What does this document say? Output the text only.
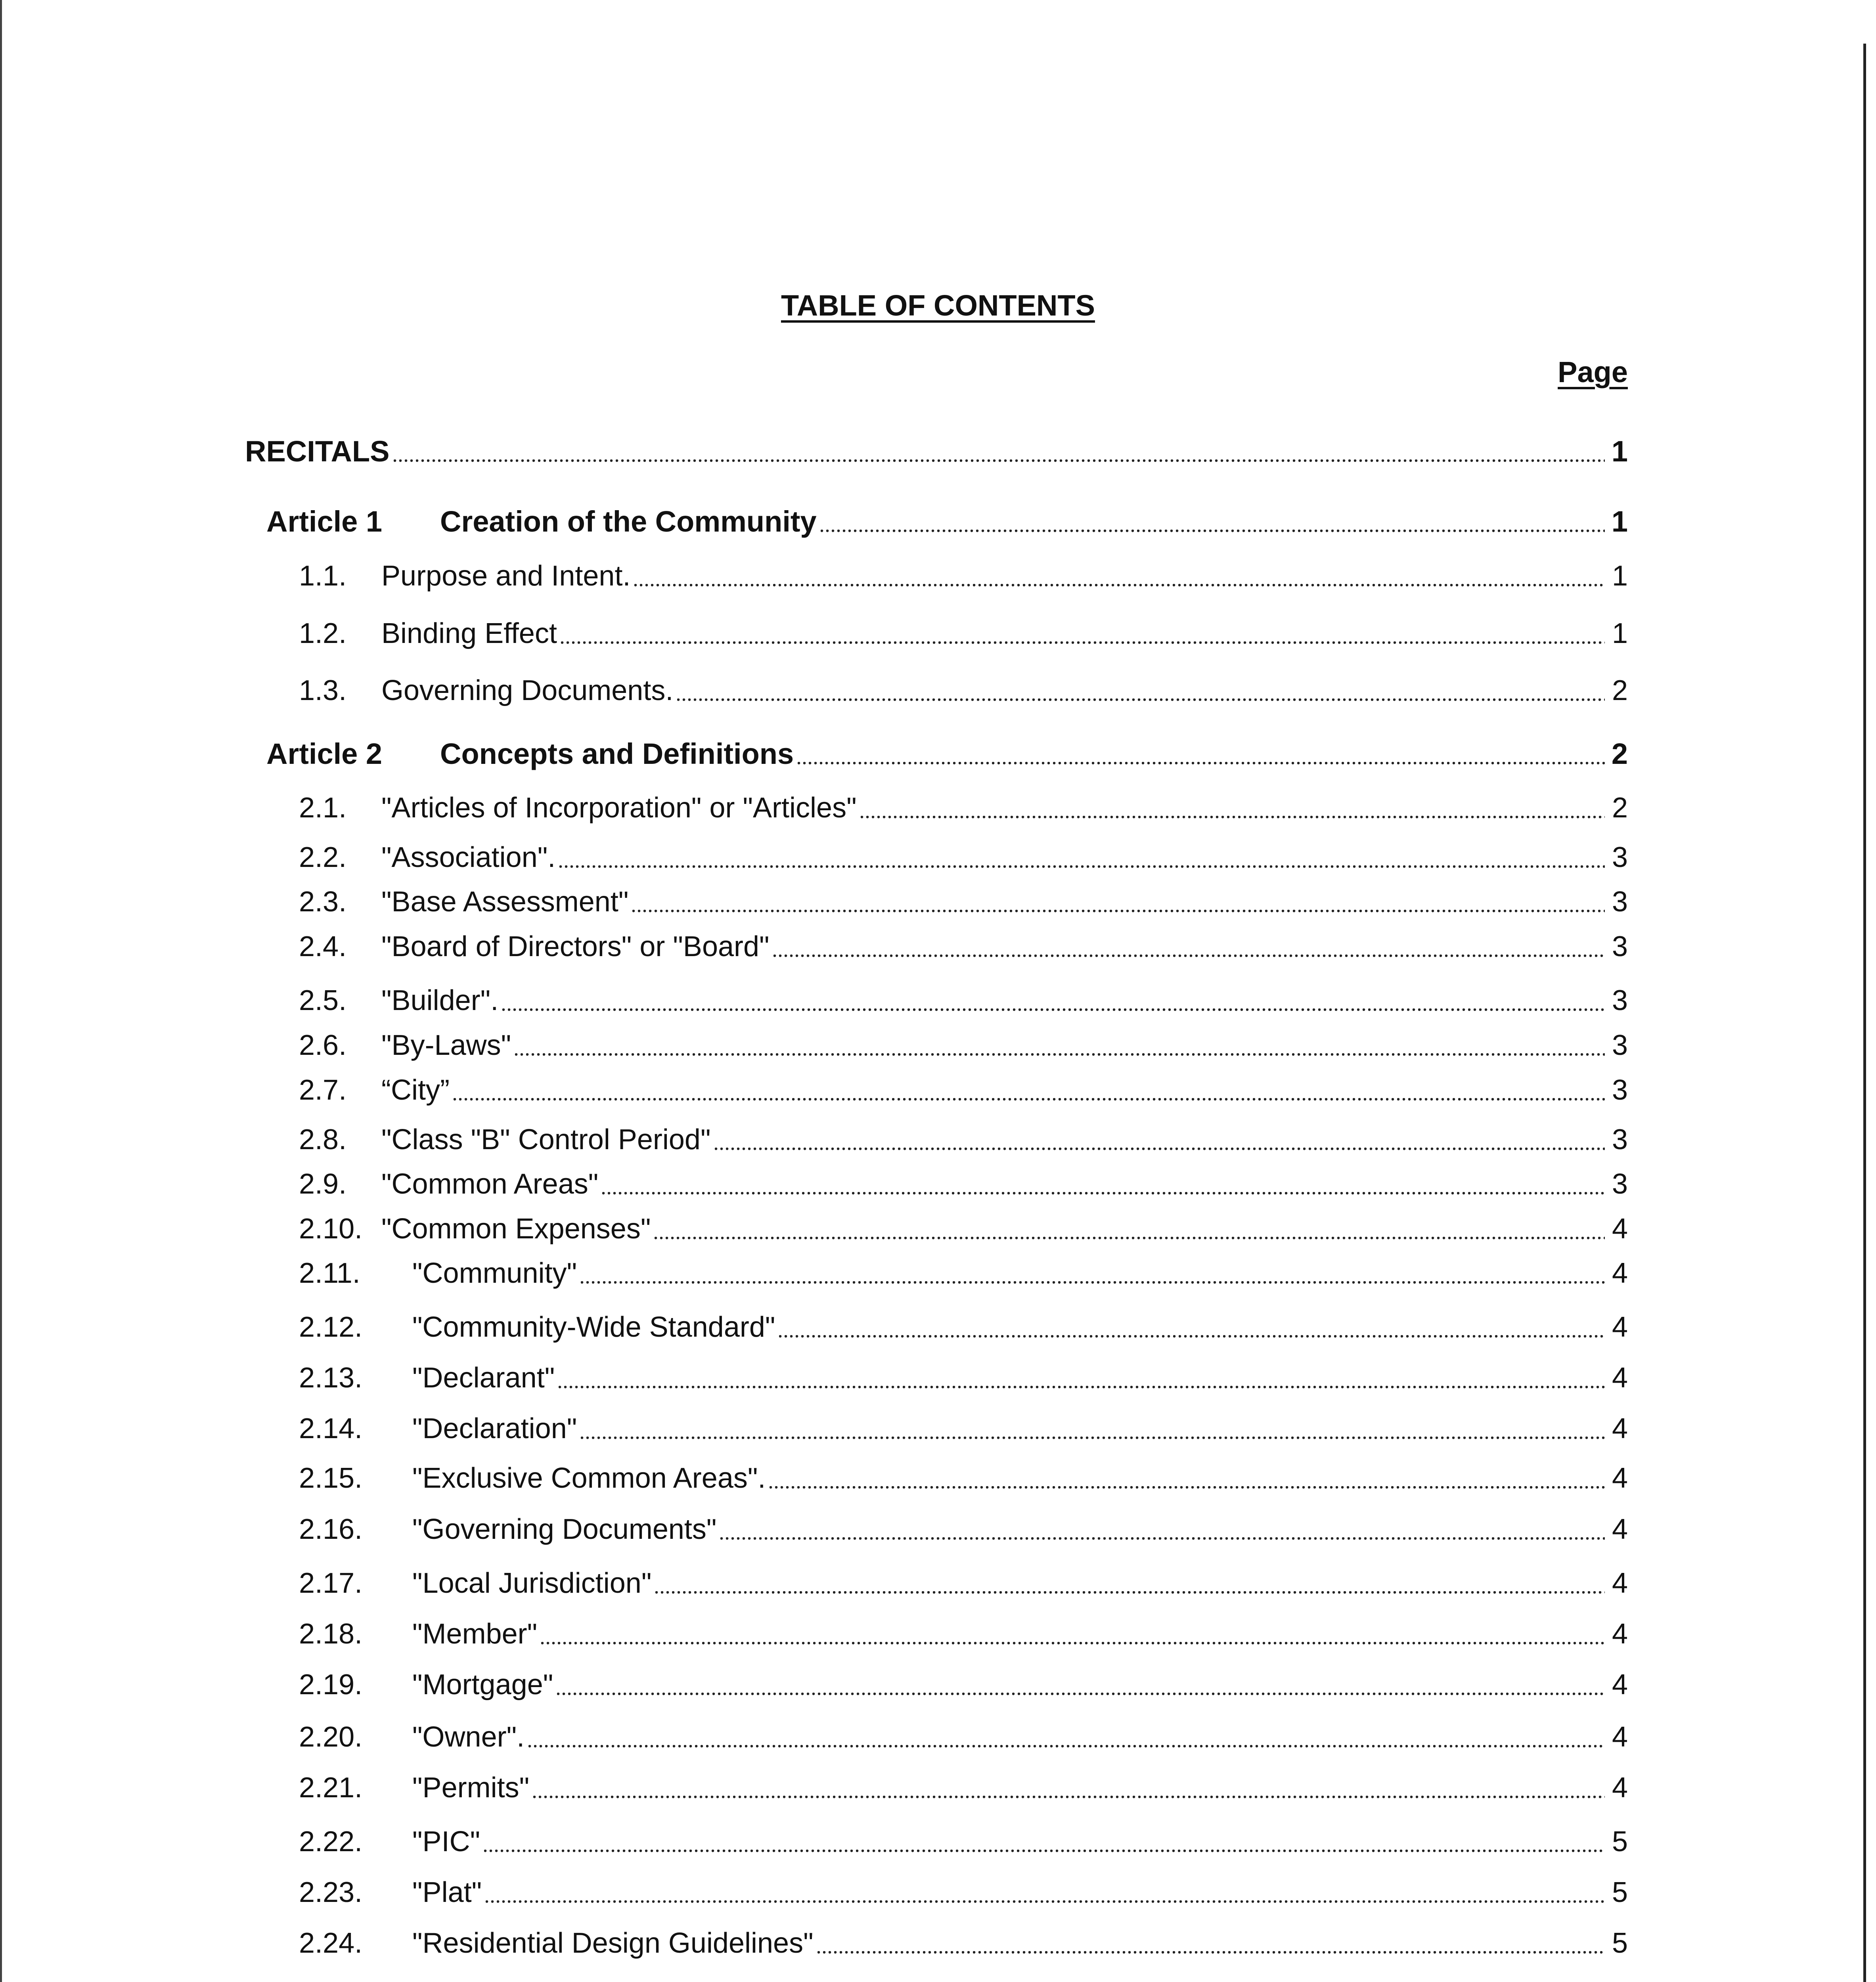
TABLE OF CONTENTS
Page
RECITALS	1
Article 1	Creation of the Community	1
1.1.	Purpose and Intent.	1
1.2.	Binding Effect	1
1.3.	Governing Documents.	2
Article 2	Concepts and Definitions	2
2.1.	"Articles of Incorporation" or "Articles"	2
2.2.	"Association".	3
2.3.	"Base Assessment"	3
2.4.	"Board of Directors" or "Board"	3
2.5.	"Builder".	3
2.6.	"By-Laws"	3
2.7.	“City”	3
2.8.	"Class "B" Control Period"	3
2.9.	"Common Areas"	3
2.10. "Common Expenses"	4
2.11.	"Community"	4
2.12.	"Community-Wide Standard"	4
2.13.	"Declarant"	4
2.14.	"Declaration"	4
2.15.	"Exclusive Common Areas".	4
2.16.	"Governing Documents"	4
2.17.	"Local Jurisdiction"	4
2.18.	"Member"	4
2.19.	"Mortgage"	4
2.20.	"Owner".	4
2.21.	"Permits"	4
2.22.	"PIC"	5
2.23.	"Plat"	5
2.24.	"Residential Design Guidelines"	5
